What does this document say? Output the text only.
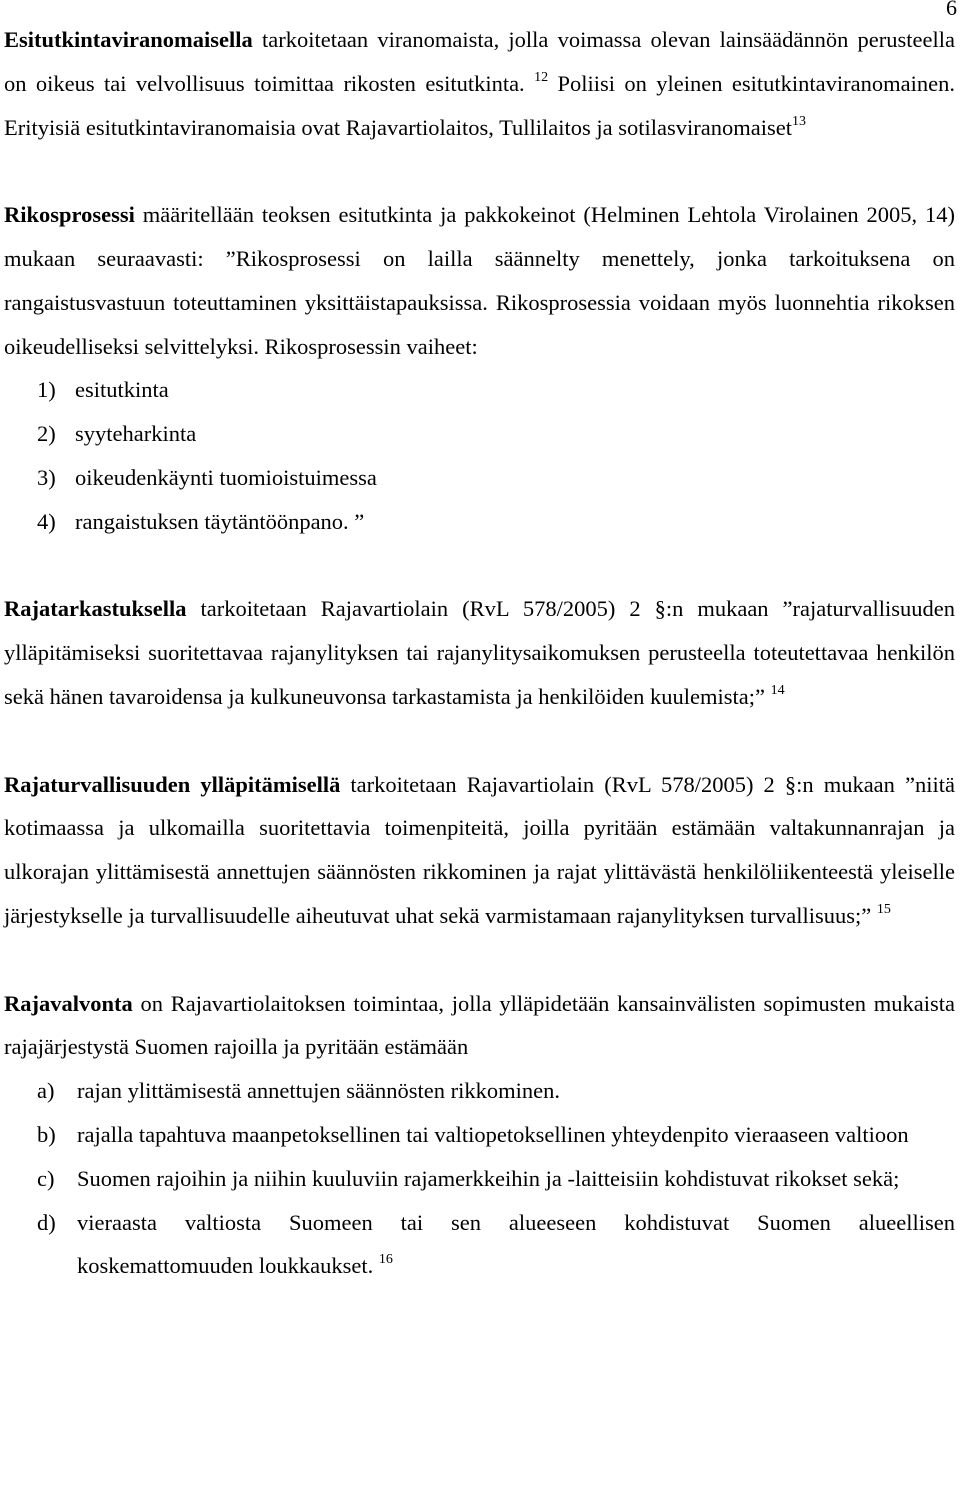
6

Esitutkintaviranomaisella tarkoitetaan viranomaista, jolla voimassa olevan lainsäädännön perusteella on oikeus tai velvollisuus toimittaa rikosten esitutkinta. $^{12}$ Poliisi on yleinen esitutkintaviranomainen. Erityisiä esitutkintaviranomaisia ovat Rajavartiolaitos, Tullilaitos ja sotilasviranomaiset$^{13}$

Rikosprosessi määritellään teoksen esitutkinta ja pakkokeinot (Helminen Lehtola Virolainen 2005, 14) mukaan seuraavasti: ”Rikosprosessi on lailla säännelty menettely, jonka tarkoituksena on rangaistusvastuun toteuttaminen yksittäistapauksissa. Rikosprosessia voidaan myös luonnehtia rikoksen oikeudelliseksi selvittelyksi. Rikosprosessin vaiheet:

1) esitutkinta
2) syyteharkinta
3) oikeudenkäynti tuomioistuimessa
4) rangaistuksen täytäntöönpano. ”

Rajatarkastuksella tarkoitetaan Rajavartiolain (RvL 578/2005) 2 §:n mukaan ”rajaturvallisuuden ylläpitämiseksi suoritettavaa rajanylityksen tai rajanylitysaikomuksen perusteella toteutettavaa henkilön sekä hänen tavaroidensa ja kulkuneuvonsa tarkastamista ja henkilöiden kuulemista;” $^{14}$

Rajaturvallisuuden ylläpitämisellä tarkoitetaan Rajavartiolain (RvL 578/2005) 2 §:n mukaan ”niitä kotimaassa ja ulkomailla suoritettavia toimenpiteitä, joilla pyritään estämään valtakunnanrajan ja ulkorajan ylittämisestä annettujen säännösten rikkominen ja rajat ylittävästä henkilöliikenteestä yleiselle järjestykselle ja turvallisuudelle aiheutuvat uhat sekä varmistamaan rajanylityksen turvallisuus;” $^{15}$

Rajavalvonta on Rajavartiolaitoksen toimintaa, jolla ylläpidetään kansainvälisten sopimusten mukaista rajajärjestystä Suomen rajoilla ja pyritään estämään

a)	rajan ylittämisestä annettujen säännösten rikkominen.
b) rajalla tapahtuva maanpetoksellinen tai valtiopetoksellinen yhteydenpito vieraaseen valtioon
c)	Suomen rajoihin ja niihin kuuluviin rajamerkkeihin ja -laitteisiin kohdistuvat rikokset sekä;
d) vieraasta valtiosta Suomeen tai sen alueeseen kohdistuvat Suomen alueellisen koskemattomuuden loukkaukset. $^{16}$
